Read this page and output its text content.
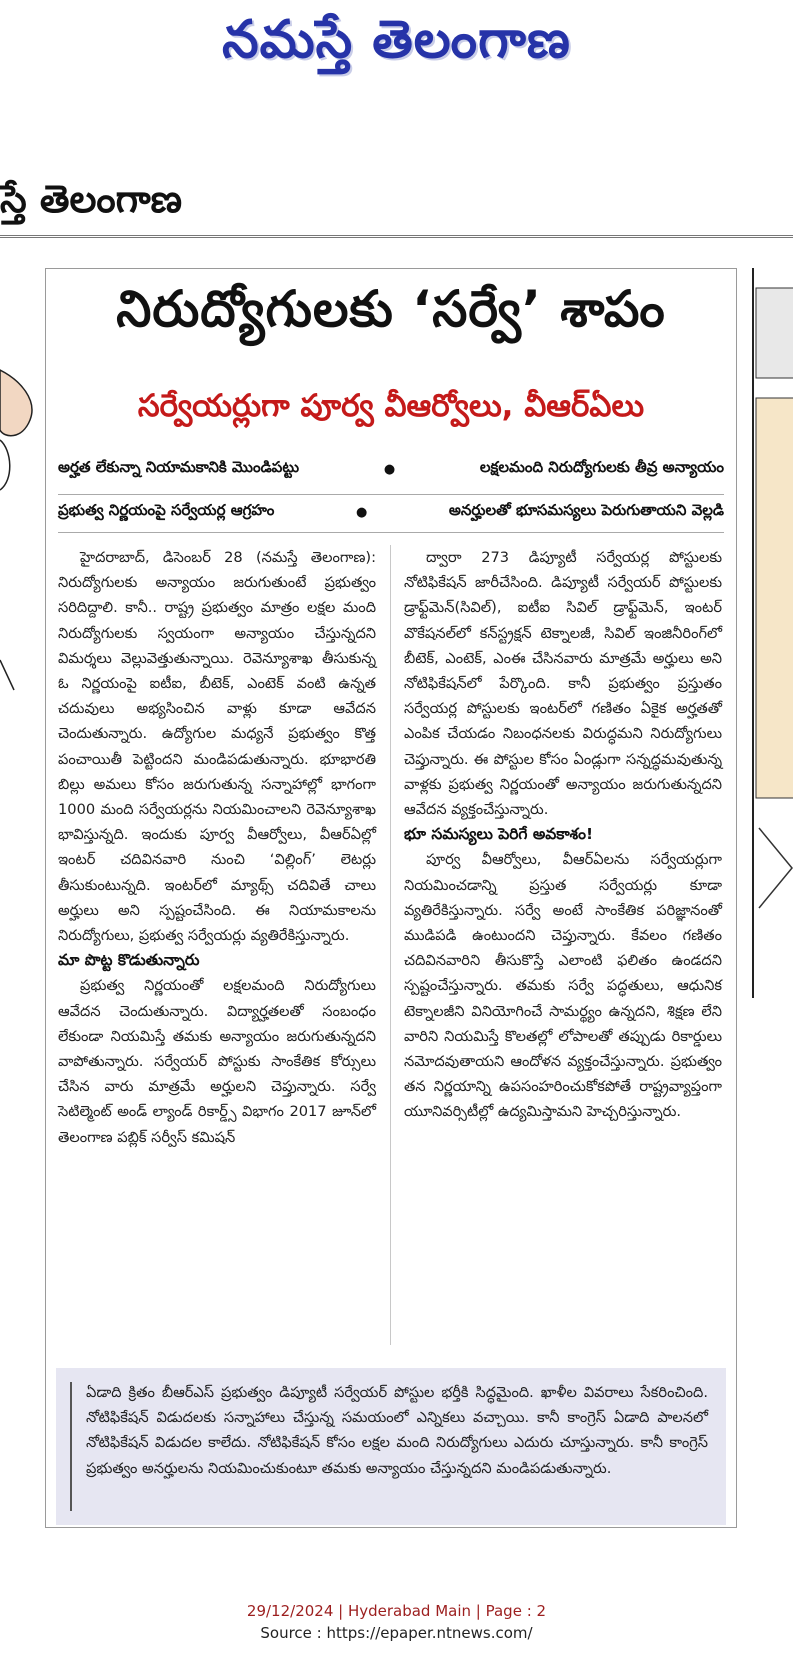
నమస్తే తెలంగాణ
స్తే తెలంగాణ
నిరుద్యోగులకు ‘సర్వే’ శాపం
సర్వేయర్లుగా పూర్వ వీఆర్వోలు, వీఆర్‌ఏలు
అర్హత లేకున్నా నియామకానికి మొండిపట్టు	●	లక్షలమంది నిరుద్యోగులకు తీవ్ర అన్యాయం
ప్రభుత్వ నిర్ణయంపై సర్వేయర్ల ఆగ్రహం	●	అనర్హులతో భూసమస్యలు పెరుగుతాయని వెల్లడి

హైదరాబాద్, డిసెంబర్ 28 (నమస్తే తెలంగాణ): నిరుద్యోగులకు అన్యాయం జరుగుతుంటే ప్రభుత్వం సరిదిద్దాలి. కానీ.. రాష్ట్ర ప్రభుత్వం మాత్రం లక్షల మంది నిరుద్యోగులకు స్వయంగా అన్యాయం చేస్తున్నదని విమర్శలు వెల్లువెత్తుతున్నాయి. రెవెన్యూశాఖ తీసుకున్న ఓ నిర్ణయంపై ఐటీఐ, బీటెక్, ఎంటెక్ వంటి ఉన్నత చదువులు అభ్యసించిన వాళ్లు కూడా ఆవేదన చెందుతున్నారు. ఉద్యోగుల మధ్యనే ప్రభుత్వం కొత్త పంచాయితీ పెట్టిందని మండిపడుతున్నారు. భూభారతి బిల్లు అమలు కోసం జరుగుతున్న సన్నాహాల్లో భాగంగా 1000 మంది సర్వేయర్లను నియమించాలని రెవెన్యూశాఖ భావిస్తున్నది. ఇందుకు పూర్వ వీఆర్వోలు, వీఆర్‌ఏల్లో ఇంటర్ చదివినవారి నుంచి ‘విల్లింగ్’ లెటర్లు తీసుకుంటున్నది. ఇంటర్‌లో మ్యాథ్స్ చదివితే చాలు అర్హులు అని స్పష్టంచేసింది. ఈ నియామకాలను నిరుద్యోగులు, ప్రభుత్వ సర్వేయర్లు వ్యతిరేకిస్తున్నారు.

మా పొట్ట కొడుతున్నారు

ప్రభుత్వ నిర్ణయంతో లక్షలమంది నిరుద్యోగులు ఆవేదన చెందుతున్నారు. విద్యార్హతలతో సంబంధం లేకుండా నియమిస్తే తమకు అన్యాయం జరుగుతున్నదని వాపోతున్నారు. సర్వేయర్ పోస్టుకు సాంకేతిక కోర్సులు చేసిన వారు మాత్రమే అర్హులని చెప్తున్నారు. సర్వే సెటిల్మెంట్ అండ్ ల్యాండ్ రికార్డ్స్ విభాగం 2017 జూన్‌లో తెలంగాణ పబ్లిక్ సర్వీస్ కమిషన్

ద్వారా 273 డిప్యూటీ సర్వేయర్ల పోస్టులకు నోటిఫికేషన్ జారీచేసింది. డిప్యూటీ సర్వేయర్ పోస్టులకు డ్రాఫ్ట్‌మెన్(సివిల్), ఐటీఐ సివిల్ డ్రాఫ్ట్‌మెన్, ఇంటర్ వొకేషనల్‌లో కన్‌స్ట్రక్షన్ టెక్నాలజీ, సివిల్ ఇంజినీరింగ్‌లో బీటెక్, ఎంటెక్, ఎంఈ చేసినవారు మాత్రమే అర్హులు అని నోటిఫికేషన్‌లో పేర్కొంది. కానీ ప్రభుత్వం ప్రస్తుతం సర్వేయర్ల పోస్టులకు ఇంటర్‌లో గణితం ఏకైక అర్హతతో ఎంపిక చేయడం నిబంధనలకు విరుద్ధమని నిరుద్యోగులు చెప్తున్నారు. ఈ పోస్టుల కోసం ఏండ్లుగా సన్నద్ధమవుతున్న వాళ్లకు ప్రభుత్వ నిర్ణయంతో అన్యాయం జరుగుతున్నదని ఆవేదన వ్యక్తంచేస్తున్నారు.

భూ సమస్యలు పెరిగే అవకాశం!

పూర్వ వీఆర్వోలు, వీఆర్‌ఏలను సర్వేయర్లుగా నియమించడాన్ని ప్రస్తుత సర్వేయర్లు కూడా వ్యతిరేకిస్తున్నారు. సర్వే అంటే సాంకేతిక పరిజ్ఞానంతో ముడిపడి ఉంటుందని చెప్తున్నారు. కేవలం గణితం చదివినవారిని తీసుకొస్తే ఎలాంటి ఫలితం ఉండదని స్పష్టంచేస్తున్నారు. తమకు సర్వే పద్ధతులు, ఆధునిక టెక్నాలజీని వినియోగించే సామర్థ్యం ఉన్నదని, శిక్షణ లేని వారిని నియమిస్తే కొలతల్లో లోపాలతో తప్పుడు రికార్డులు నమోదవుతాయని ఆందోళన వ్యక్తంచేస్తున్నారు. ప్రభుత్వం తన నిర్ణయాన్ని ఉపసంహరించుకోకపోతే రాష్ట్రవ్యాప్తంగా యూనివర్సిటీల్లో ఉద్యమిస్తామని హెచ్చరిస్తున్నారు.

ఏడాది క్రితం బీఆర్‌ఎస్ ప్రభుత్వం డిప్యూటీ సర్వేయర్ పోస్టుల భర్తీకి సిద్ధమైంది. ఖాళీల వివరాలు సేకరించింది. నోటిఫికేషన్ విడుదలకు సన్నాహాలు చేస్తున్న సమయంలో ఎన్నికలు వచ్చాయి. కానీ కాంగ్రెస్ ఏడాది పాలనలో నోటిఫికేషన్ విడుదల కాలేదు. నోటిఫికేషన్ కోసం లక్షల మంది నిరుద్యోగులు ఎదురు చూస్తున్నారు. కానీ కాంగ్రెస్ ప్రభుత్వం అనర్హులను నియమించుకుంటూ తమకు అన్యాయం చేస్తున్నదని మండిపడుతున్నారు.
29/12/2024 | Hyderabad Main | Page : 2
Source : https://epaper.ntnews.com/
